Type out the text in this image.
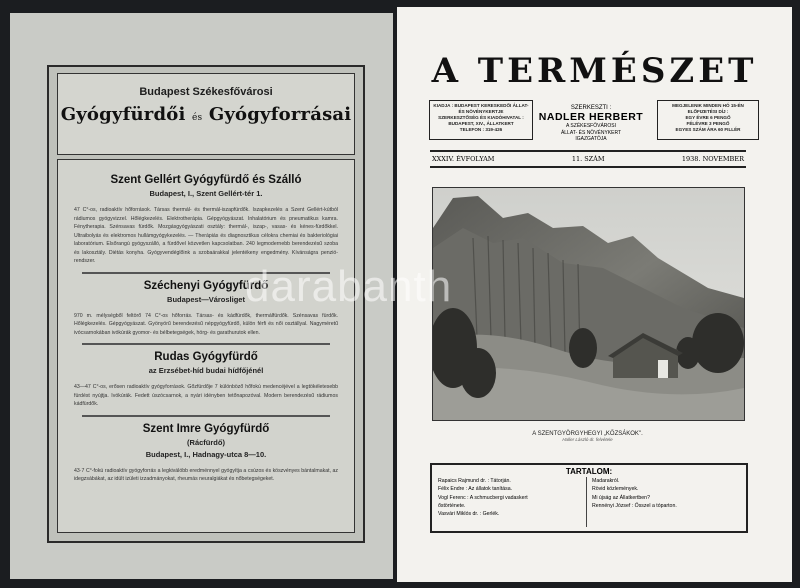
Budapest Székesfővárosi
Gyógyfürdői és Gyógyforrásai
Szent Gellért Gyógyfürdő és Szálló
Budapest, I., Szent Gellért-tér 1.
47 C°-os, radioaktív hőforrások. Társas thermál- és thermál-iszapfürdők. Iszapkezelés a Szent Gellért-kútból rádiumos gyógyvizzel. Hőlégkezelés. Elektrotherápia. Gépgyógyászat. Inhalatórium és pneumatikus kamra. Fénytherapia. Szénsavas fürdők. Mozgásgyógyászati osztály: thermál-, iszap-, vasas- és kénes-fürdőkkel. Ultraibolyás és elektromos hullámgyógykezelés. — Therápiás és diagnosztikus célokra chemiai és bakteriológiai laboratórium. Elsőrangú gyógyszálló, a fürdővel közvetlen kapcsolatban. 240 legmodernebb berendezésű szoba és lakosztály. Diétás konyha. Gyógyvendéglőink a szobaárakkal jelentékeny engedmény. Kívánságra penzió-rendszer.
Széchenyi Gyógyfürdő
Budapest—Városliget
970 m. mélységből feltörő 74 C°-os hőforrás. Társas- és kádfürdők, thermálfürdők. Szénsavas fürdők. Hőlégkezelés. Gépgyógyászat. Gyönyörű berendezésű népgyógyfürdő, külön férfi és női osztállyal. Nagyméretű ivócsarnokában ivókúrák gyomor- és bélbetegségek, hörg- és garathurutok ellen.
Rudas Gyógyfürdő
az Erzsébet-híd budai hídfőjénél
43—47 C°-os, erősen radioaktív gyógyforrások. Gőzfürdője 7 különböző hőfokú medencéjével a legtökéletesebb fürdést nyújtja. Ivókúrák. Fedett úszócsarnok, a nyári idényben tetőnapozóval. Modern berendezésű rádiumos kádfürdők.
Szent Imre Gyógyfürdő
(Rácfürdő)
Budapest, I., Hadnagy-utca 8—10.
43·7 C°-fokú radioaktív gyógyforrás a legkiválóbb eredménnyel gyógyítja a csúzos és köszvényes bántalmakat, az idegzsábákat, az idült izületi izzadmányokat, rheumás neuralgiákat és nőbetegségeket.
A TERMÉSZET
KIADJA : BUDAPEST KERESKEDŐI ÁLLAT- ÉS NÖVÉNYKERTJE
SZERKESZTŐSÉG ÉS KIADÓHIVATAL :
BUDAPEST, XIV., ÁLLATKERT
TELEFON : 319-426
SZERKESZTI :
NADLER HERBERT
A SZÉKESFŐVÁROSI
ÁLLAT- ÉS NÖVÉNYKERT
IGAZGATÓJA
MEGJELENIK MINDEN HÓ 15-ÉN
ELŐFIZETÉSI DÍJ :
EGY ÉVRE 6 PENGŐ
FÉLÉVRE 3 PENGŐ
EGYES SZÁM ÁRA 60 FILLÉR
XXXIV. ÉVFOLYAM	11. SZÁM	1938. NOVEMBER
A SZENTGYÖRGYHEGYI „KŐZSÁKOK".
Haller László dr. felvétele
TARTALOM:
Rapaics Rajmund dr. : Tátorján.
Félix Endre : Az állatok tanítása.
Vogl Ferenc : A schmucbergi vadaskert
őstörténete.
Vasvári Miklós dr. : Gerlék.
Madarakról.
Rövid közlemények.
Mi újság az Állatkertben?
Rennényi József : Ősszel a tóparton.
darabanth
